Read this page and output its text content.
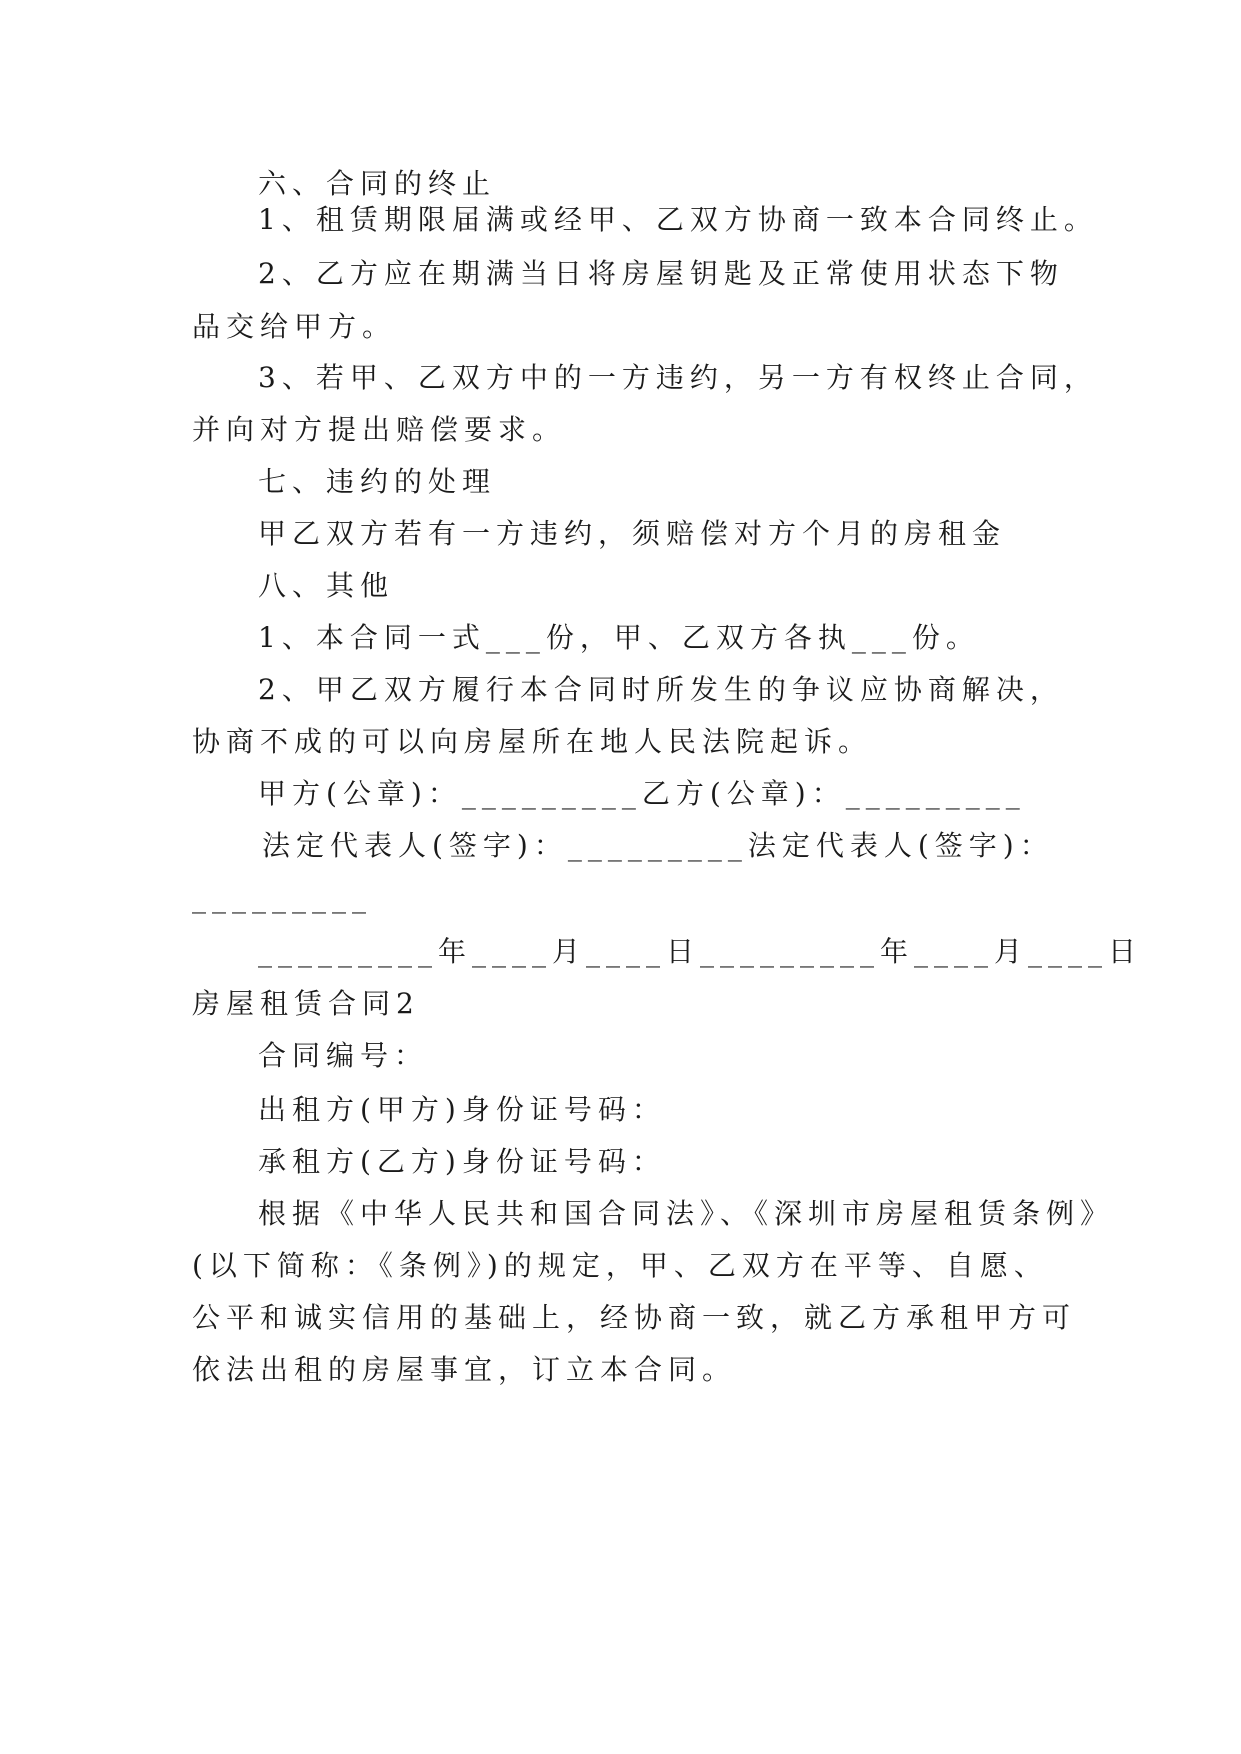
六、合同的终止
1、租赁期限届满或经甲、乙双方协商一致本合同终止。
2、乙方应在期满当日将房屋钥匙及正常使用状态下物
品交给甲方。
3、若甲、乙双方中的一方违约，另一方有权终止合同，
并向对方提出赔偿要求。
七、违约的处理
甲乙双方若有一方违约，须赔偿对方个月的房租金
八、其他
1、本合同一式___份，甲、乙双方各执___份。
2、甲乙双方履行本合同时所发生的争议应协商解决，
协商不成的可以向房屋所在地人民法院起诉。
甲方(公章)：_________乙方(公章)：_________
法定代表人(签字)：_________法定代表人(签字)：
_________
_________年____月____日_________年____月____日
房屋租赁合同2
合同编号：
出租方(甲方)身份证号码：
承租方(乙方)身份证号码：
根据《中华人民共和国合同法》、《深圳市房屋租赁条例》
(以下简称：《条例》)的规定，甲、乙双方在平等、自愿、
公平和诚实信用的基础上，经协商一致，就乙方承租甲方可
依法出租的房屋事宜，订立本合同。
